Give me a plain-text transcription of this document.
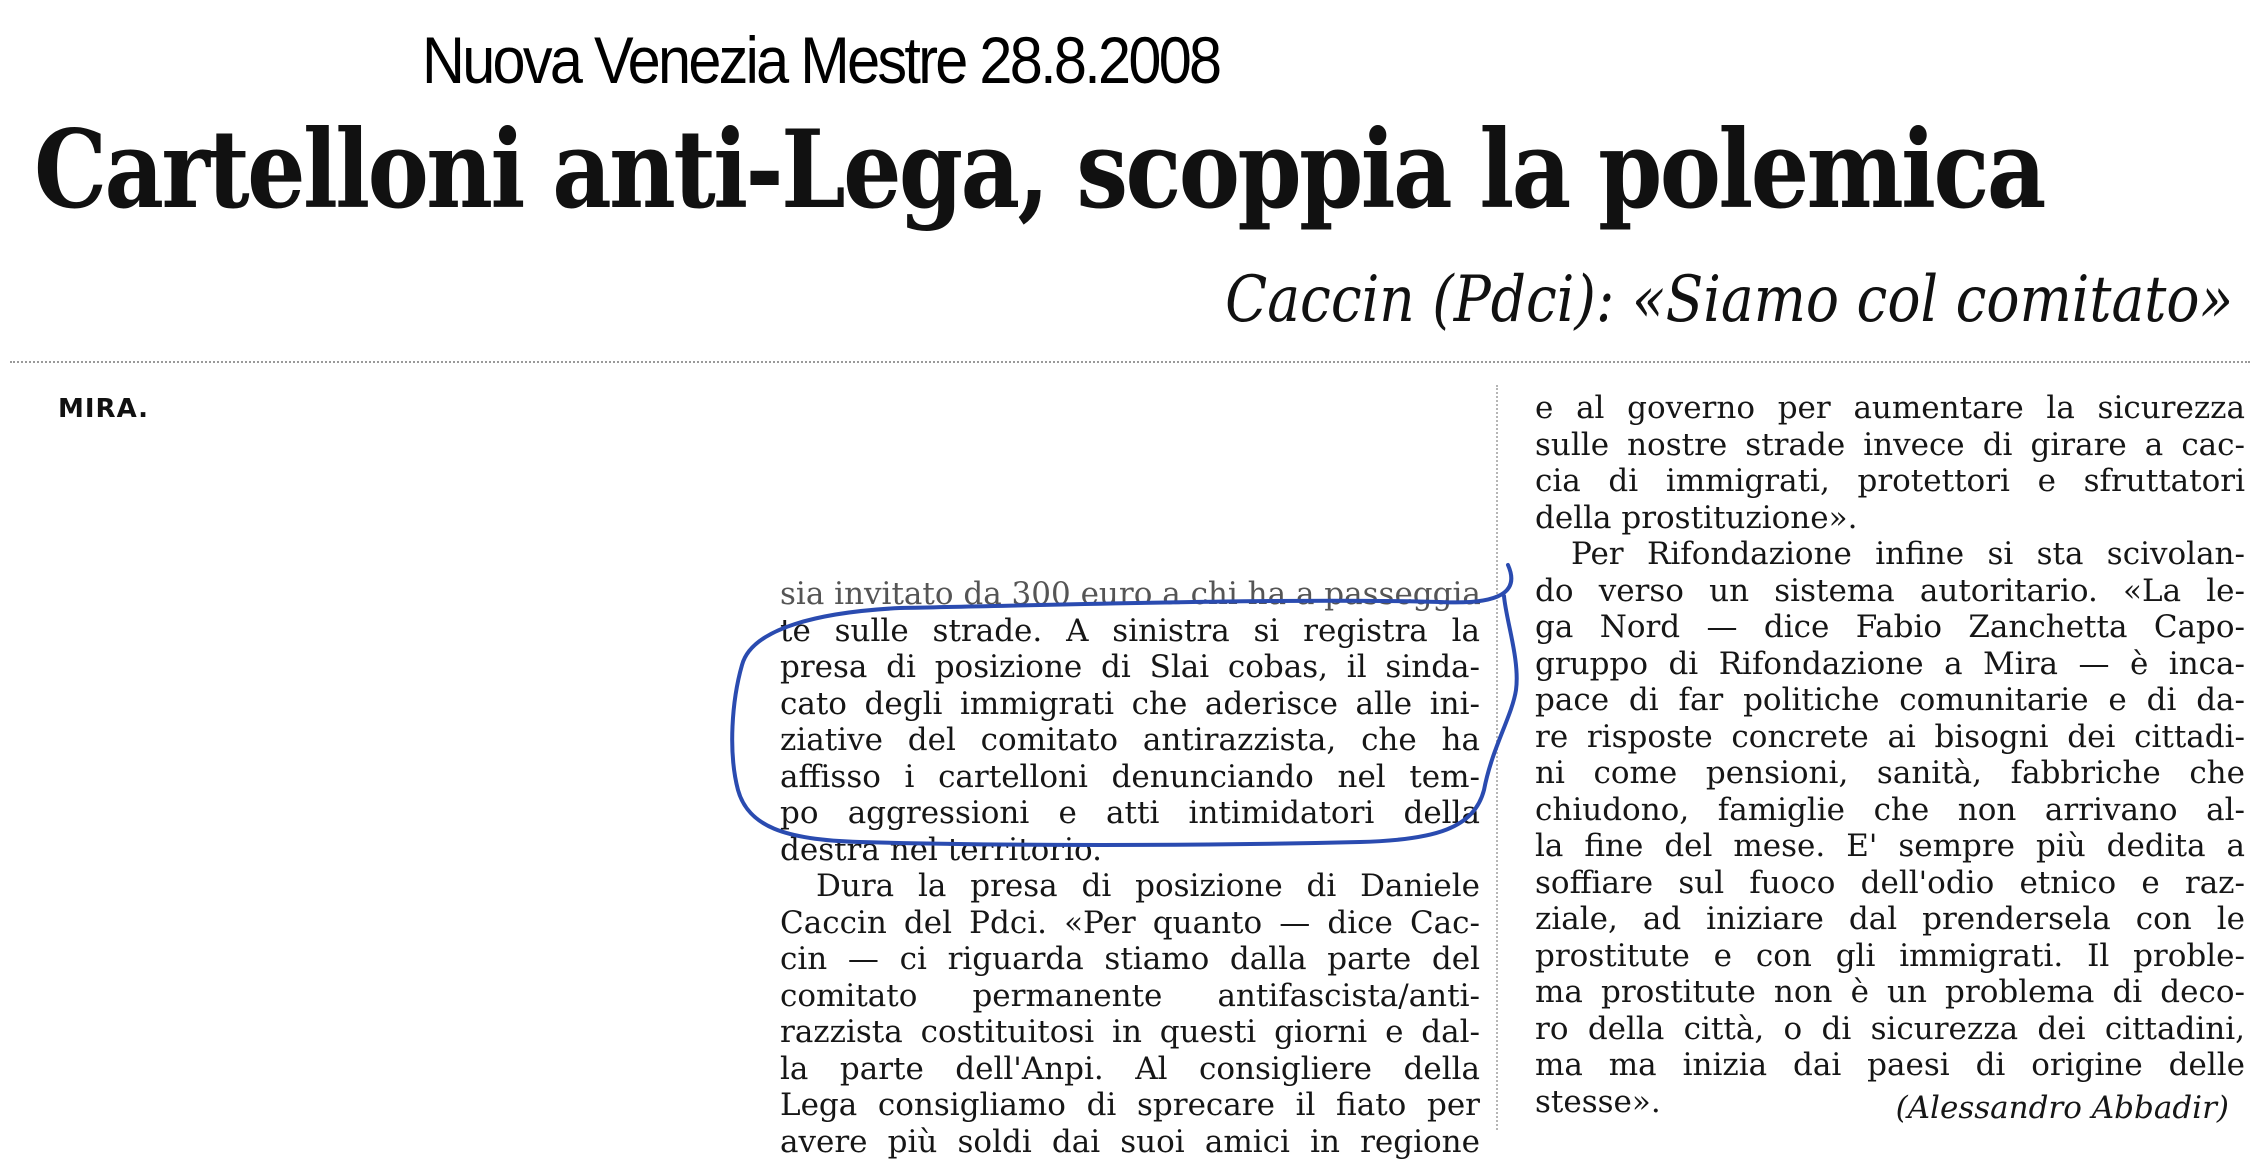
Nuova Venezia Mestre 28.8.2008
Cartelloni anti-Lega, scoppia la polemica
Caccin (Pdci): «Siamo col comitato»
MIRA.
sia invitato da 300 euro a chi ha a passeggia
te sulle strade. A sinistra si registra la
presa di posizione di Slai cobas, il sinda-
cato degli immigrati che aderisce alle ini-
ziative del comitato antirazzista, che ha
affisso i cartelloni denunciando nel tem-
po aggressioni e atti intimidatori della
destra nel territorio.
Dura la presa di posizione di Daniele
Caccin del Pdci. «Per quanto — dice Cac-
cin — ci riguarda stiamo dalla parte del
comitato permanente antifascista/anti-
razzista costituitosi in questi giorni e dal-
la parte dell'Anpi. Al consigliere della
Lega consigliamo di sprecare il fiato per
avere più soldi dai suoi amici in regione
e al governo per aumentare la sicurezza
sulle nostre strade invece di girare a cac-
cia di immigrati, protettori e sfruttatori
della prostituzione».
Per Rifondazione infine si sta scivolan-
do verso un sistema autoritario. «La le-
ga Nord — dice Fabio Zanchetta Capo-
gruppo di Rifondazione a Mira — è inca-
pace di far politiche comunitarie e di da-
re risposte concrete ai bisogni dei cittadi-
ni come pensioni, sanità, fabbriche che
chiudono, famiglie che non arrivano al-
la fine del mese. E' sempre più dedita a
soffiare sul fuoco dell'odio etnico e raz-
ziale, ad iniziare dal prendersela con le
prostitute e con gli immigrati. Il proble-
ma prostitute non è un problema di deco-
ro della città, o di sicurezza dei cittadini,
ma ma inizia dai paesi di origine delle
stesse».	(Alessandro Abbadir)
